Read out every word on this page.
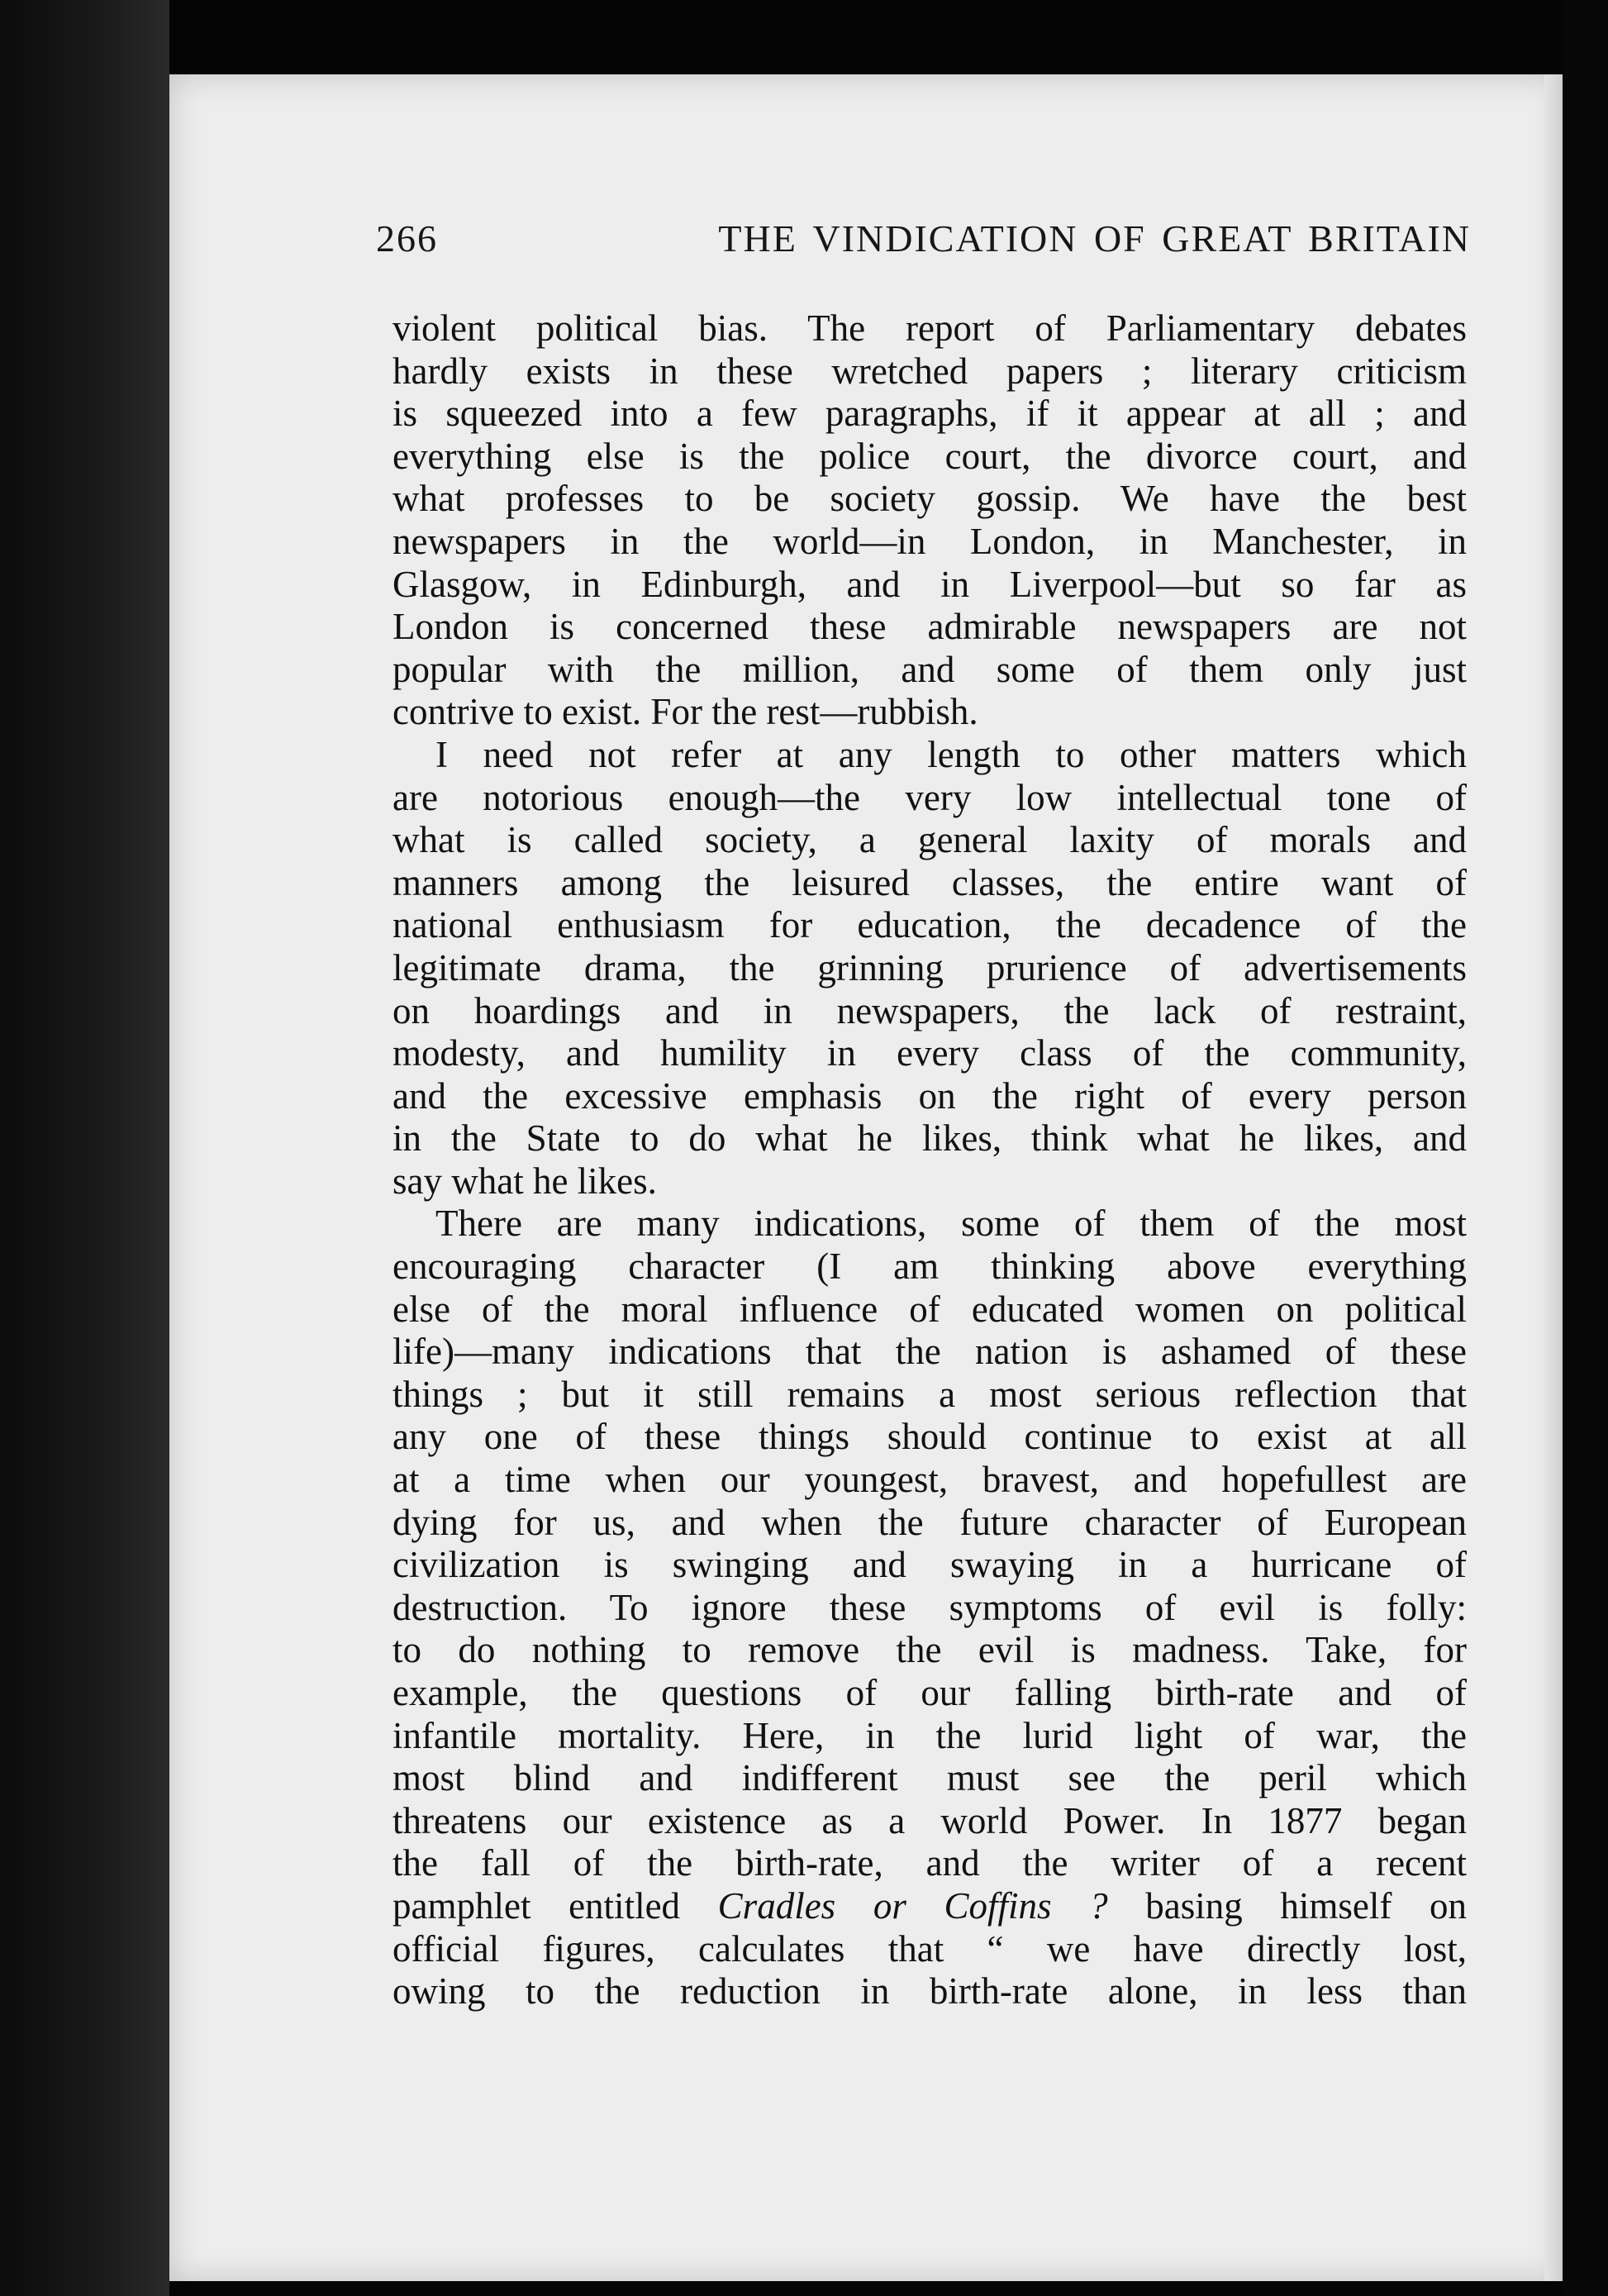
266	THE VINDICATION OF GREAT BRITAIN
violent political bias. The report of Parliamentary debates
hardly exists in these wretched papers ; literary criticism
is squeezed into a few paragraphs, if it appear at all ; and
everything else is the police court, the divorce court, and
what professes to be society gossip. We have the best
newspapers in the world—in London, in Manchester, in
Glasgow, in Edinburgh, and in Liverpool—but so far as
London is concerned these admirable newspapers are not
popular with the million, and some of them only just
contrive to exist. For the rest—rubbish.
I need not refer at any length to other matters which
are notorious enough—the very low intellectual tone of
what is called society, a general laxity of morals and
manners among the leisured classes, the entire want of
national enthusiasm for education, the decadence of the
legitimate drama, the grinning prurience of advertisements
on hoardings and in newspapers, the lack of restraint,
modesty, and humility in every class of the community,
and the excessive emphasis on the right of every person
in the State to do what he likes, think what he likes, and
say what he likes.
There are many indications, some of them of the most
encouraging character (I am thinking above everything
else of the moral influence of educated women on political
life)—many indications that the nation is ashamed of these
things ; but it still remains a most serious reflection that
any one of these things should continue to exist at all
at a time when our youngest, bravest, and hopefullest are
dying for us, and when the future character of European
civilization is swinging and swaying in a hurricane of
destruction. To ignore these symptoms of evil is folly:
to do nothing to remove the evil is madness. Take, for
example, the questions of our falling birth-rate and of
infantile mortality. Here, in the lurid light of war, the
most blind and indifferent must see the peril which
threatens our existence as a world Power. In 1877 began
the fall of the birth-rate, and the writer of a recent
pamphlet entitled Cradles or Coffins ? basing himself on
official figures, calculates that “ we have directly lost,
owing to the reduction in birth-rate alone, in less than
